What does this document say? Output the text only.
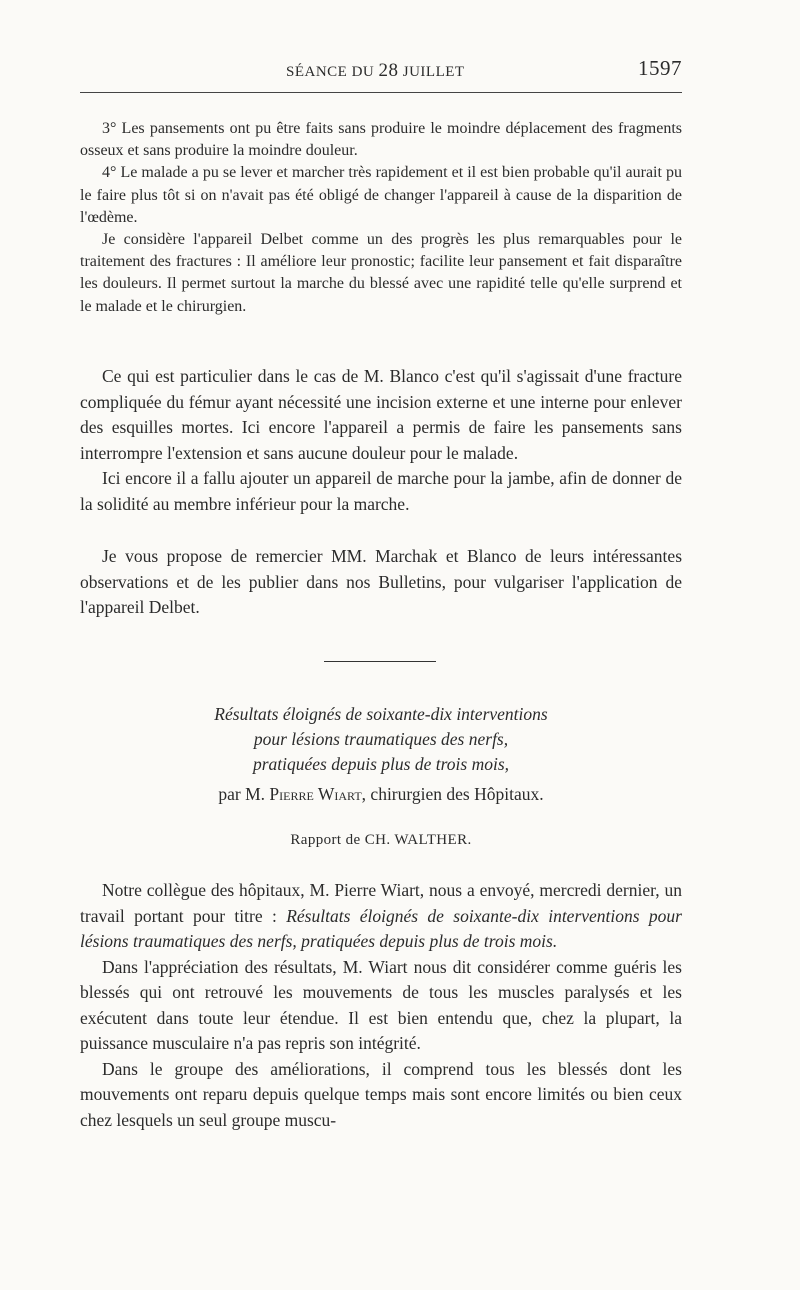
SÉANCE DU 28 JUILLET	1597

3° Les pansements ont pu être faits sans produire le moindre déplacement des fragments osseux et sans produire la moindre douleur.

4° Le malade a pu se lever et marcher très rapidement et il est bien probable qu'il aurait pu le faire plus tôt si on n'avait pas été obligé de changer l'appareil à cause de la disparition de l'œdème.

Je considère l'appareil Delbet comme un des progrès les plus remarquables pour le traitement des fractures : Il améliore leur pronostic; facilite leur pansement et fait disparaître les douleurs. Il permet surtout la marche du blessé avec une rapidité telle qu'elle surprend et le malade et le chirurgien.

Ce qui est particulier dans le cas de M. Blanco c'est qu'il s'agissait d'une fracture compliquée du fémur ayant nécessité une incision externe et une interne pour enlever des esquilles mortes. Ici encore l'appareil a permis de faire les pansements sans interrompre l'extension et sans aucune douleur pour le malade.

Ici encore il a fallu ajouter un appareil de marche pour la jambe, afin de donner de la solidité au membre inférieur pour la marche.

Je vous propose de remercier MM. Marchak et Blanco de leurs intéressantes observations et de les publier dans nos Bulletins, pour vulgariser l'application de l'appareil Delbet.

Résultats éloignés de soixante-dix interventions
pour lésions traumatiques des nerfs,
pratiquées depuis plus de trois mois,
par M. Pierre Wiart, chirurgien des Hôpitaux.
Rapport de CH. WALTHER.

Notre collègue des hôpitaux, M. Pierre Wiart, nous a envoyé, mercredi dernier, un travail portant pour titre : Résultats éloignés de soixante-dix interventions pour lésions traumatiques des nerfs, pratiquées depuis plus de trois mois.

Dans l'appréciation des résultats, M. Wiart nous dit considérer comme guéris les blessés qui ont retrouvé les mouvements de tous les muscles paralysés et les exécutent dans toute leur étendue. Il est bien entendu que, chez la plupart, la puissance musculaire n'a pas repris son intégrité.

Dans le groupe des améliorations, il comprend tous les blessés dont les mouvements ont reparu depuis quelque temps mais sont encore limités ou bien ceux chez lesquels un seul groupe muscu-
